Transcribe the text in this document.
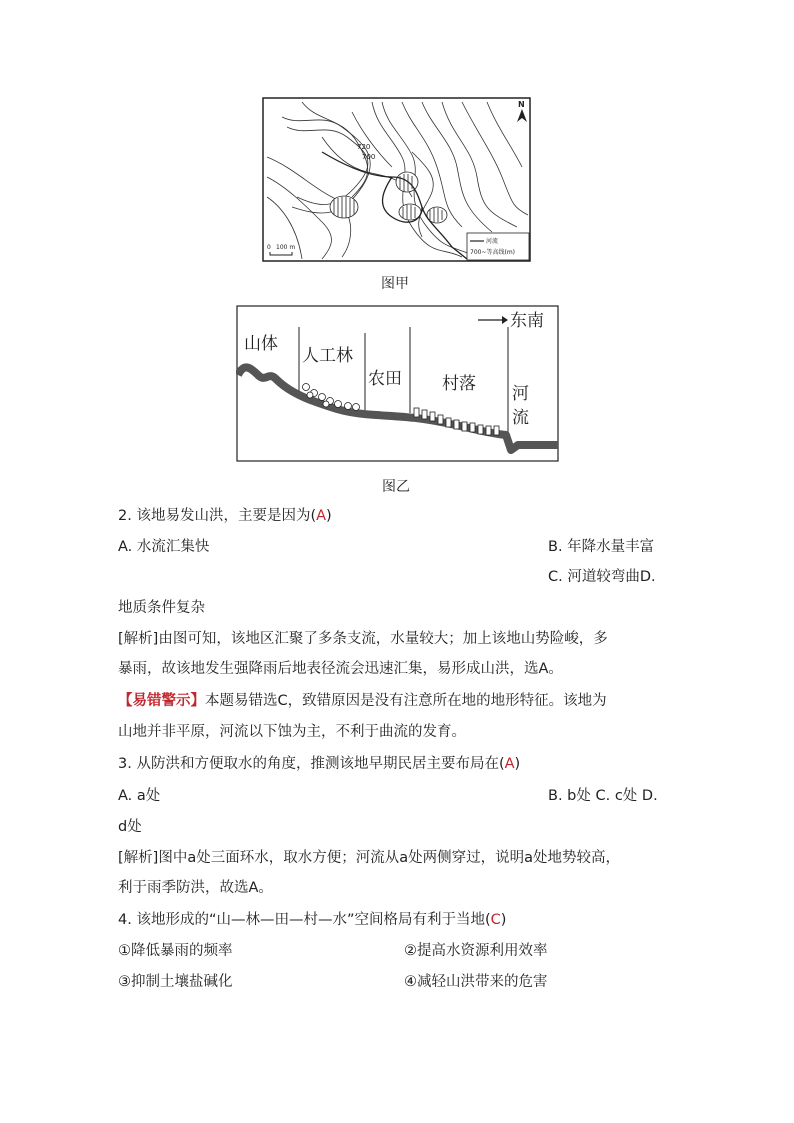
720
700
N
0 100 m
河流
700~等高线(m)
图甲
东南
山体
人工林
农田 村落 河
流
图乙
2. 该地易发山洪，主要是因为(A)
A. 水流汇集快	B. 年降水量丰富
C. 河道较弯曲D.
地质条件复杂
[解析]由图可知，该地区汇聚了多条支流，水量较大；加上该地山势险峻，多
暴雨，故该地发生强降雨后地表径流会迅速汇集，易形成山洪，选A。
【易错警示】本题易错选C，致错原因是没有注意所在地的地形特征。该地为
山地并非平原，河流以下蚀为主，不利于曲流的发育。
3. 从防洪和方便取水的角度，推测该地早期民居主要布局在(A)
A. a处	B. b处 C. c处 D.
d处
[解析]图中a处三面环水，取水方便；河流从a处两侧穿过，说明a处地势较高，
利于雨季防洪，故选A。
4. 该地形成的“山—林—田—村—水”空间格局有利于当地(C)
①降低暴雨的频率	②提高水资源利用效率
③抑制土壤盐碱化	④减轻山洪带来的危害
